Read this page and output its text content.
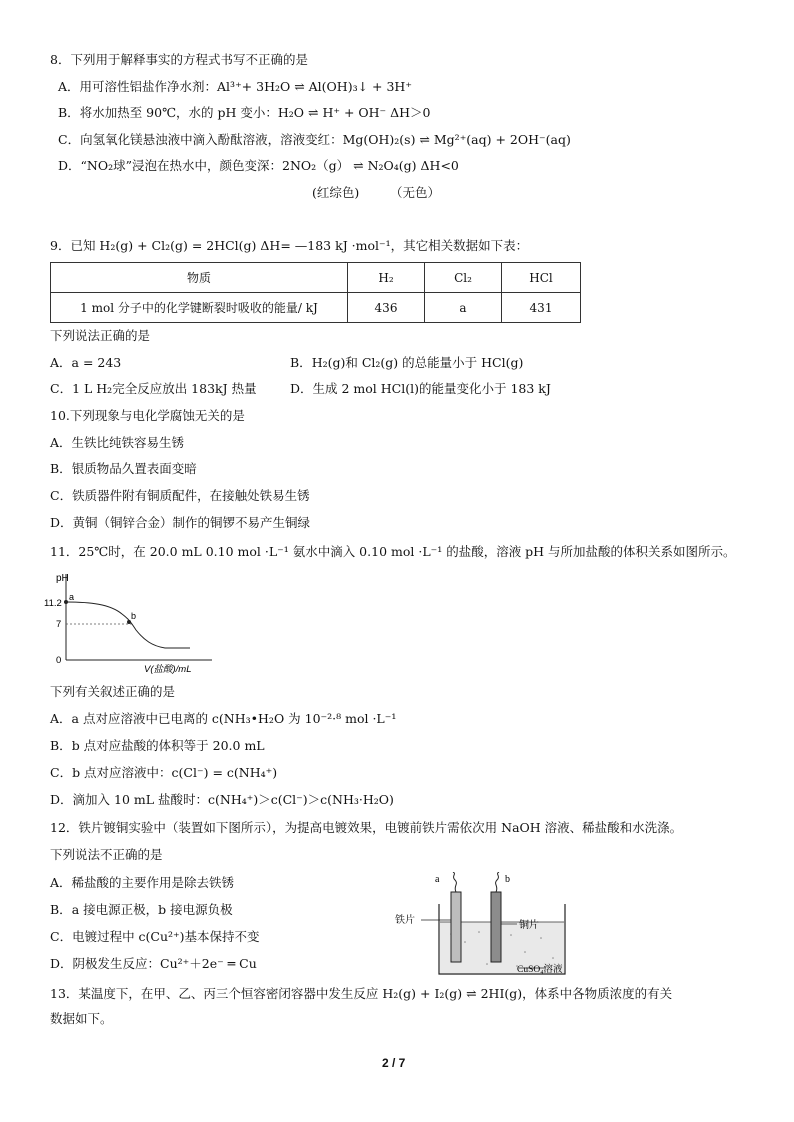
8．下列用于解释事实的方程式书写不正确的是
A．用可溶性铝盐作净水剂：Al³⁺+ 3H₂O ⇌ Al(OH)₃↓ + 3H⁺
B．将水加热至 90℃，水的 pH 变小：H₂O ⇌ H⁺ + OH⁻ ΔH＞0
C．向氢氧化镁悬浊液中滴入酚酞溶液，溶液变红：Mg(OH)₂(s) ⇌ Mg²⁺(aq) + 2OH⁻(aq)
D．“NO₂球”浸泡在热水中，颜色变深：2NO₂（g） ⇌ N₂O₄(g) ΔH<0
(红综色) （无色）
9．已知 H₂(g) + Cl₂(g) = 2HCl(g) ΔH= —183 kJ ·mol⁻¹，其它相关数据如下表：
物质	H₂	Cl₂	HCl
1 mol 分子中的化学键断裂时吸收的能量/ kJ	436	a	431
下列说法正确的是
A．a = 243	B．H₂(g)和 Cl₂(g) 的总能量小于 HCl(g)
C．1 L H₂完全反应放出 183kJ 热量	D．生成 2 mol HCl(l)的能量变化小于 183 kJ
10.下列现象与电化学腐蚀无关的是
A．生铁比纯铁容易生锈
B．银质物品久置表面变暗
C．铁质器件附有铜质配件，在接触处铁易生锈
D．黄铜（铜锌合金）制作的铜锣不易产生铜绿
11．25℃时，在 20.0 mL 0.10 mol ·L⁻¹ 氨水中滴入 0.10 mol ·L⁻¹ 的盐酸，溶液 pH 与所加盐酸的体积关系如图所示。
pH
11.2
7
0
a
b
V(盐酸)/mL
下列有关叙述正确的是
A．a 点对应溶液中已电离的 c(NH₃•H₂O 为 10⁻²·⁸ mol ·L⁻¹
B．b 点对应盐酸的体积等于 20.0 mL
C．b 点对应溶液中：c(Cl⁻) = c(NH₄⁺)
D．滴加入 10 mL 盐酸时：c(NH₄⁺)＞c(Cl⁻)＞c(NH₃·H₂O)
12．铁片镀铜实验中（装置如下图所示），为提高电镀效果，电镀前铁片需依次用 NaOH 溶液、稀盐酸和水洗涤。
下列说法不正确的是
A．稀盐酸的主要作用是除去铁锈
B．a 接电源正极，b 接电源负极
C．电镀过程中 c(Cu²⁺)基本保持不变
D．阴极发生反应：Cu²⁺＋2e⁻ ═ Cu
a	b
铁片	铜片
CuSO₄溶液
13．某温度下，在甲、乙、丙三个恒容密闭容器中发生反应 H₂(g) + I₂(g) ⇌ 2HI(g)，体系中各物质浓度的有关
数据如下。
2 / 7
